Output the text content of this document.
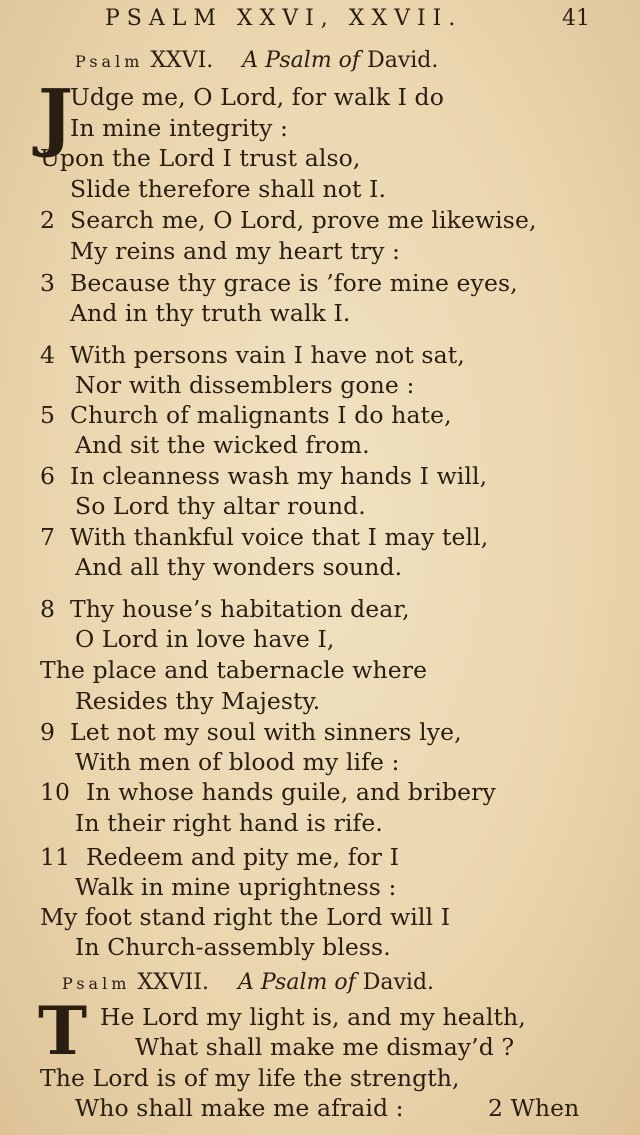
PSALM XXVI, XXVII.	41
Psalm XXVI. A Psalm of David.
J
Udge me, O Lord, for walk I do
In mine integrity :
Upon the Lord I trust also,
Slide therefore shall not I.
2 Search me, O Lord, prove me likewise,
My reins and my heart try :
3 Because thy grace is ’fore mine eyes,
And in thy truth walk I.
4 With persons vain I have not sat,
Nor with dissemblers gone :
5 Church of malignants I do hate,
And sit the wicked from.
6 In cleanness wash my hands I will,
So Lord thy altar round.
7 With thankful voice that I may tell,
And all thy wonders sound.
8 Thy house’s habitation dear,
O Lord in love have I,
The place and tabernacle where
Resides thy Majesty.
9 Let not my soul with sinners lye,
With men of blood my life :
10 In whose hands guile, and bribery
In their right hand is rife.
11 Redeem and pity me, for I
Walk in mine uprightness :
My foot stand right the Lord will I
In Church-assembly bless.
Psalm XXVII. A Psalm of David.
T He Lord my light is, and my health,
What shall make me dismay’d ?
The Lord is of my life the strength,
Who shall make me afraid :	2 When
